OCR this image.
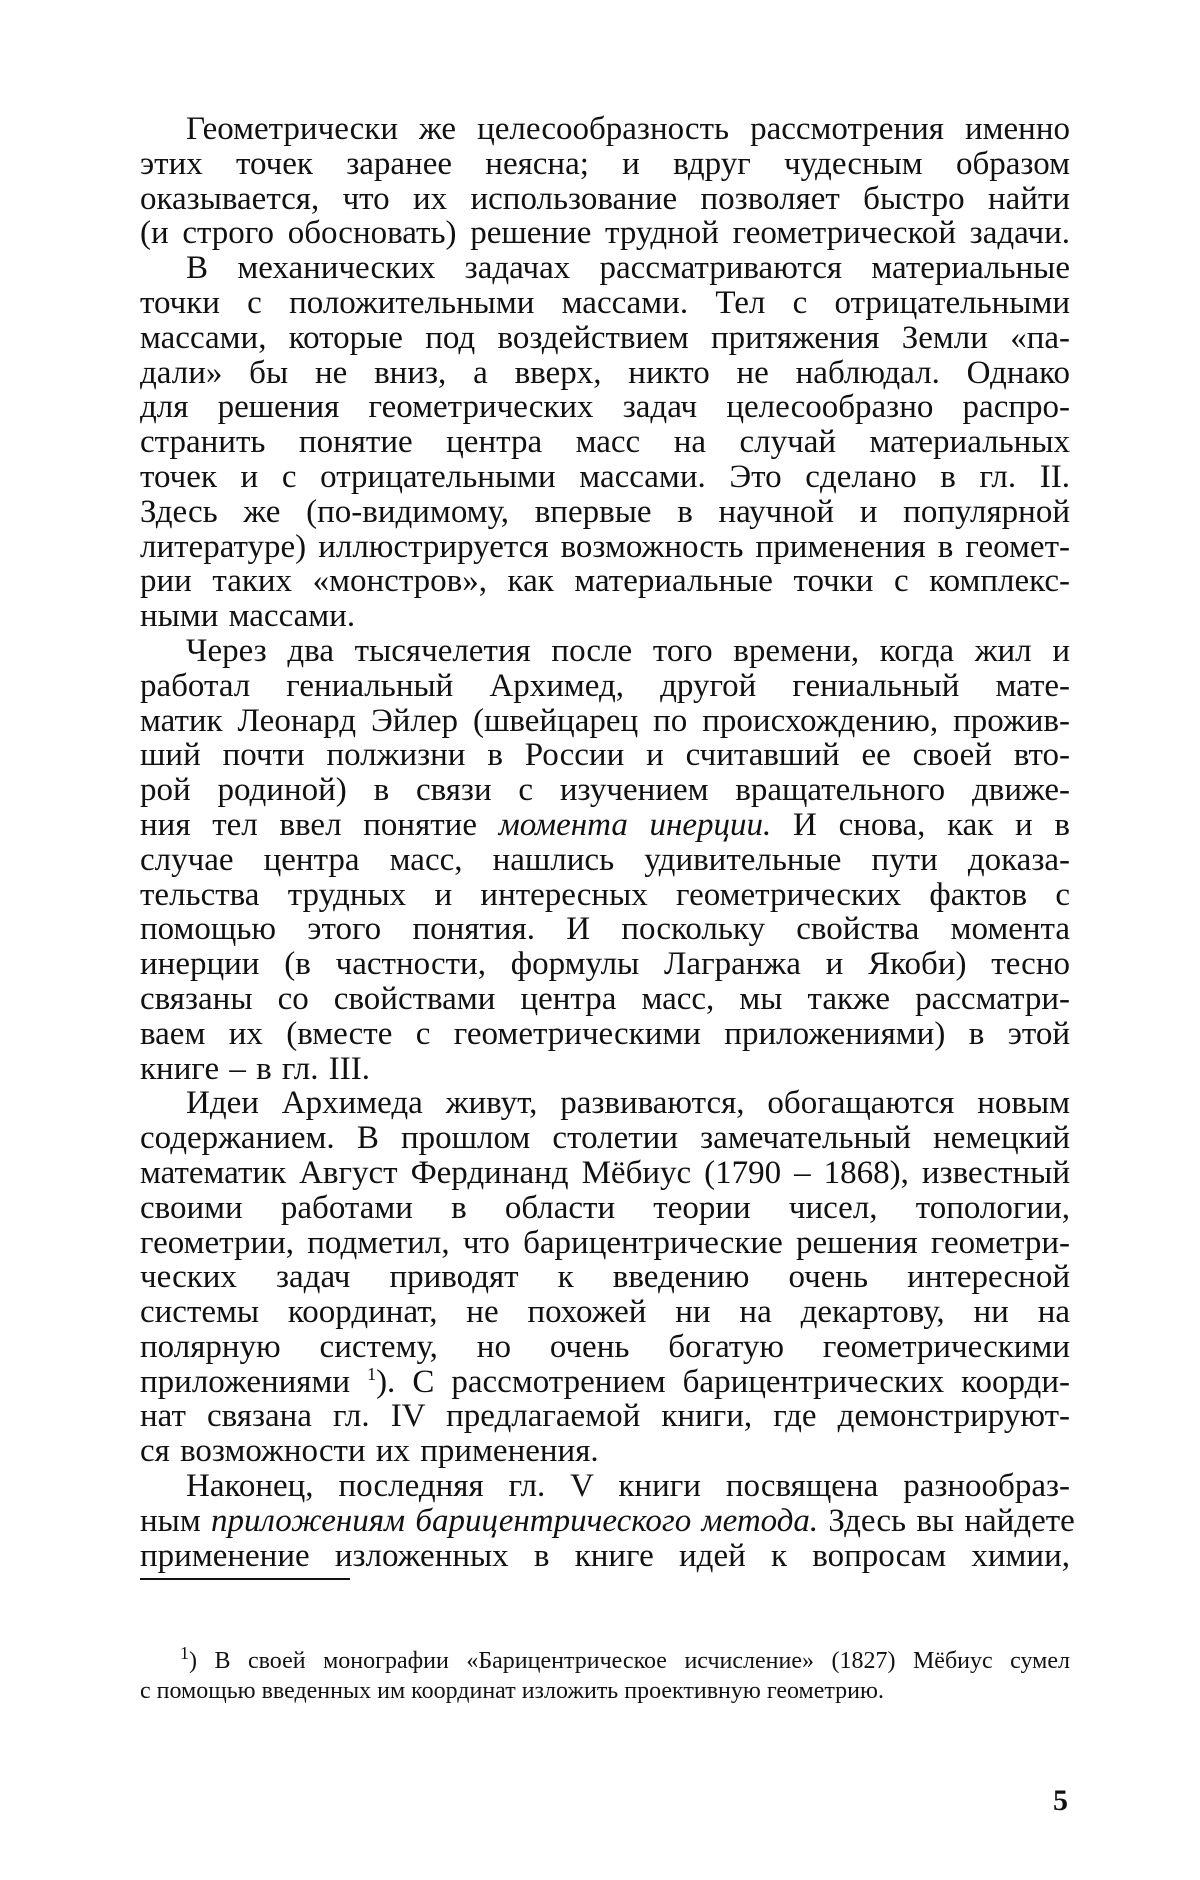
Геометрически же целесообразность рассмотрения именно
этих точек заранее неясна; и вдруг чудесным образом
оказывается, что их использование позволяет быстро найти
(и строго обосновать) решение трудной геометрической задачи.
В механических задачах рассматриваются материальные
точки с положительными массами. Тел с отрицательными
массами, которые под воздействием притяжения Земли «па-
дали» бы не вниз, а вверх, никто не наблюдал. Однако
для решения геометрических задач целесообразно распро-
странить понятие центра масс на случай материальных
точек и с отрицательными массами. Это сделано в гл. II.
Здесь же (по-видимому, впервые в научной и популярной
литературе) иллюстрируется возможность применения в геомет-
рии таких «монстров», как материальные точки с комплекс-
ными массами.
Через два тысячелетия после того времени, когда жил и
работал гениальный Архимед, другой гениальный мате-
матик Леонард Эйлер (швейцарец по происхождению, прожив-
ший почти полжизни в России и считавший ее своей вто-
рой родиной) в связи с изучением вращательного движе-
ния тел ввел понятие момента инерции. И снова, как и в
случае центра масс, нашлись удивительные пути доказа-
тельства трудных и интересных геометрических фактов с
помощью этого понятия. И поскольку свойства момента
инерции (в частности, формулы Лагранжа и Якоби) тесно
связаны со свойствами центра масс, мы также рассматри-
ваем их (вместе с геометрическими приложениями) в этой
книге – в гл. III.
Идеи Архимеда живут, развиваются, обогащаются новым
содержанием. В прошлом столетии замечательный немецкий
математик Август Фердинанд Мёбиус (1790 – 1868), известный
своими работами в области теории чисел, топологии,
геометрии, подметил, что барицентрические решения геометри-
ческих задач приводят к введению очень интересной
системы координат, не похожей ни на декартову, ни на
полярную систему, но очень богатую геометрическими
приложениями 1). С рассмотрением барицентрических коорди-
нат связана гл. IV предлагаемой книги, где демонстрируют-
ся возможности их применения.
Наконец, последняя гл. V книги посвящена разнообраз-
ным приложениям барицентрического метода. Здесь вы найдете
применение изложенных в книге идей к вопросам химии,
1) В своей монографии «Барицентрическое исчисление» (1827) Мёбиус сумел
с помощью введенных им координат изложить проективную геометрию.
5
